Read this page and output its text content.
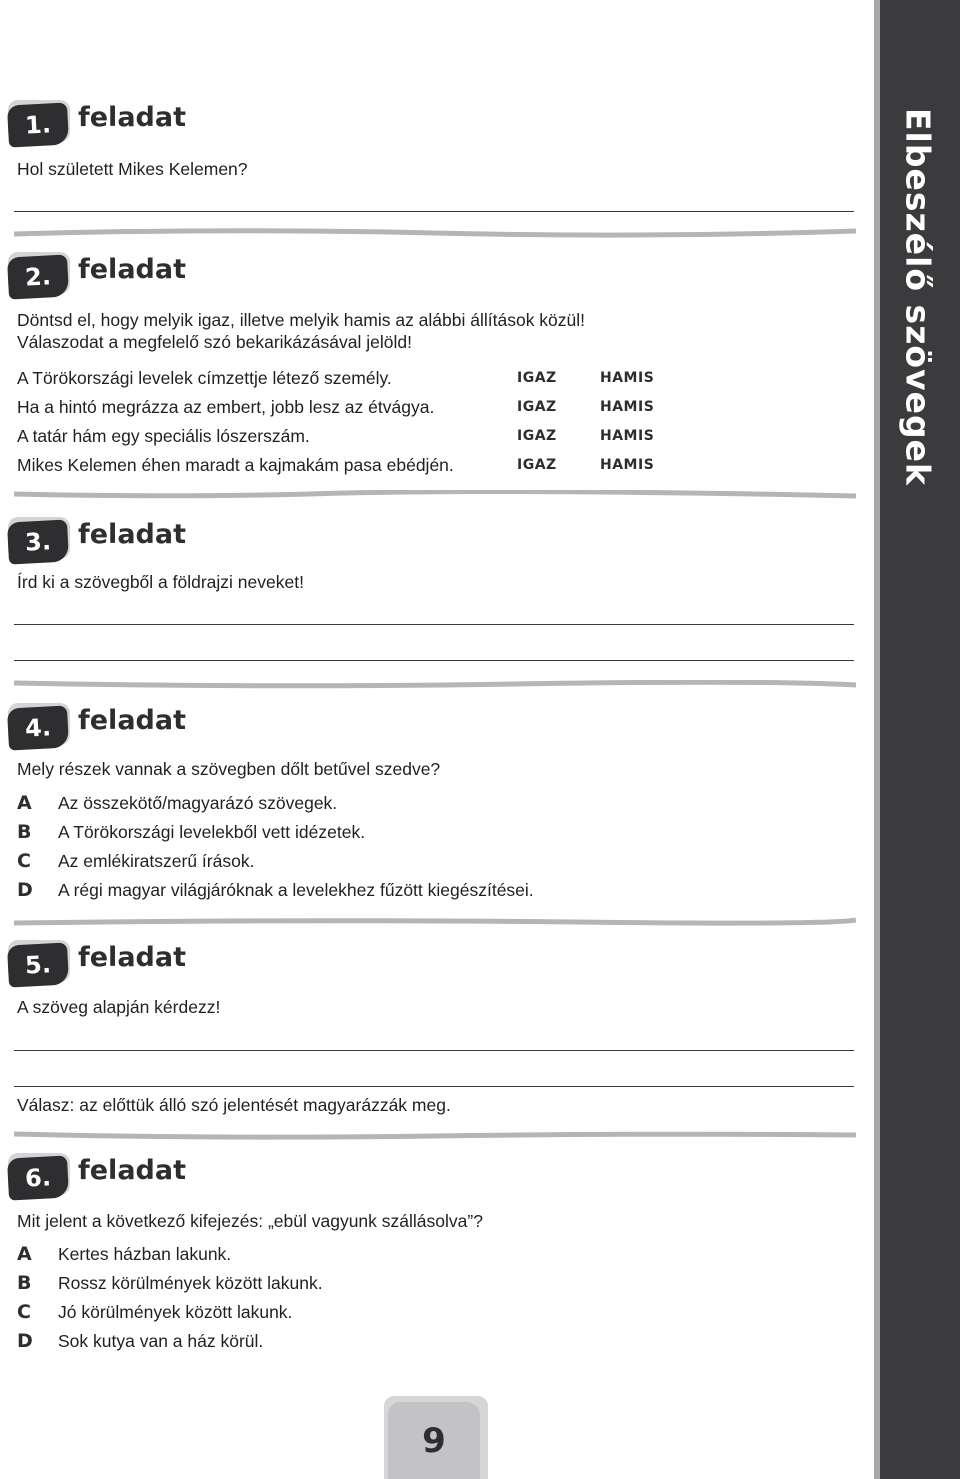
Elbeszélő szövegek
1. feladat
Hol született Mikes Kelemen?
2. feladat
Döntsd el, hogy melyik igaz, illetve melyik hamis az alábbi állítások közül!
Válaszodat a megfelelő szó bekarikázásával jelöld!
A Törökországi levelek címzettje létező személy.	IGAZ	HAMIS
Ha a hintó megrázza az embert, jobb lesz az étvágya.	IGAZ	HAMIS
A tatár hám egy speciális lószerszám.	IGAZ	HAMIS
Mikes Kelemen éhen maradt a kajmakám pasa ebédjén.	IGAZ	HAMIS
3. feladat
Írd ki a szövegből a földrajzi neveket!
4. feladat
Mely részek vannak a szövegben dőlt betűvel szedve?
A Az összekötő/magyarázó szövegek.
B A Törökországi levelekből vett idézetek.
C Az emlékiratszerű írások.
D A régi magyar világjáróknak a levelekhez fűzött kiegészítései.
5. feladat
A szöveg alapján kérdezz!
Válasz: az előttük álló szó jelentését magyarázzák meg.
6. feladat
Mit jelent a következő kifejezés: „ebül vagyunk szállásolva”?
A Kertes házban lakunk.
B Rossz körülmények között lakunk.
C Jó körülmények között lakunk.
D Sok kutya van a ház körül.
9
